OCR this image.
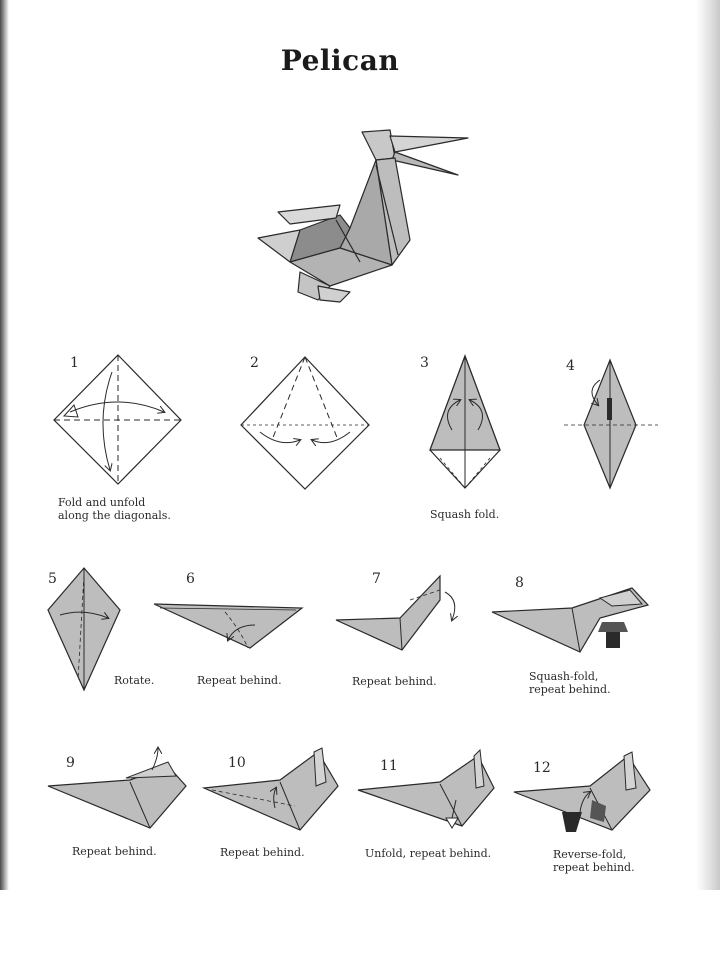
Pelican
1	2	3	4
5	6	7	8
9	10	11	12
Fold and unfold
along the diagonals.	Squash fold.
Rotate.	Repeat behind.	Repeat behind.	Squash-fold,
repeat behind.
Repeat behind.	Repeat behind.	Unfold, repeat behind.	Reverse-fold,
repeat behind.
